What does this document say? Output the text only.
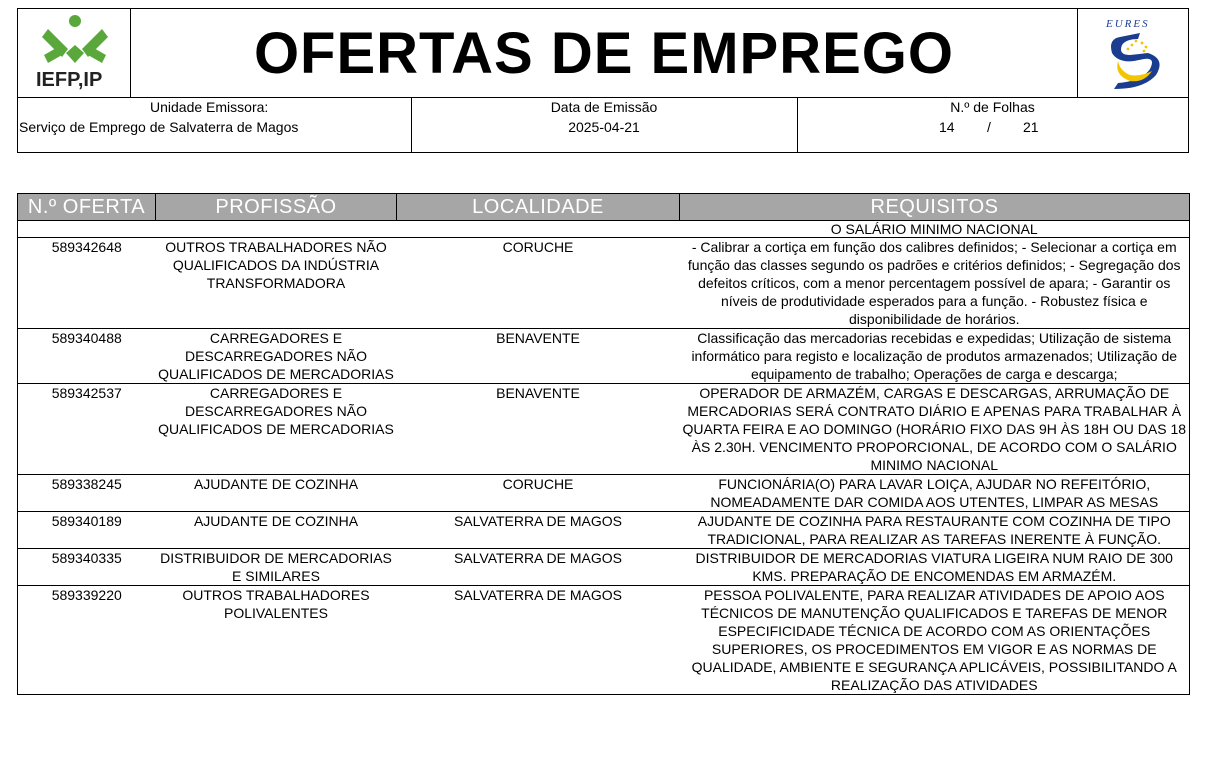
IEFP,IP	OFERTAS DE EMPREGO	EURES
Unidade Emissora:
Serviço de Emprego de Salvaterra de Magos
Data de Emissão
2025-04-21
N.º de Folhas
14 / 21
N.º OFERTA	PROFISSÃO	LOCALIDADE	REQUISITOS
			O SALÁRIO MINIMO NACIONAL
589342648	OUTROS TRABALHADORES NÃO QUALIFICADOS DA INDÚSTRIA TRANSFORMADORA	CORUCHE	- Calibrar a cortiça em função dos calibres definidos; - Selecionar a cortiça em função das classes segundo os padrões e critérios definidos; - Segregação dos defeitos críticos, com a menor percentagem possível de apara; - Garantir os níveis de produtividade esperados para a função. - Robustez física e disponibilidade de horários.
589340488	CARREGADORES E DESCARREGADORES NÃO QUALIFICADOS DE MERCADORIAS	BENAVENTE	Classificação das mercadorias recebidas e expedidas; Utilização de sistema informático para registo e localização de produtos armazenados; Utilização de equipamento de trabalho; Operações de carga e descarga;
589342537	CARREGADORES E DESCARREGADORES NÃO QUALIFICADOS DE MERCADORIAS	BENAVENTE	OPERADOR DE ARMAZÉM, CARGAS E DESCARGAS, ARRUMAÇÃO DE MERCADORIAS SERÁ CONTRATO DIÁRIO E APENAS PARA TRABALHAR À QUARTA FEIRA E AO DOMINGO (HORÁRIO FIXO DAS 9H ÀS 18H OU DAS 18 ÀS 2.30H. VENCIMENTO PROPORCIONAL, DE ACORDO COM O SALÁRIO MINIMO NACIONAL
589338245	AJUDANTE DE COZINHA	CORUCHE	FUNCIONÁRIA(O) PARA LAVAR LOIÇA, AJUDAR NO REFEITÓRIO, NOMEADAMENTE DAR COMIDA AOS UTENTES, LIMPAR AS MESAS
589340189	AJUDANTE DE COZINHA	SALVATERRA DE MAGOS	AJUDANTE DE COZINHA PARA RESTAURANTE COM COZINHA DE TIPO TRADICIONAL, PARA REALIZAR AS TAREFAS INERENTE À FUNÇÃO.
589340335	DISTRIBUIDOR DE MERCADORIAS E SIMILARES	SALVATERRA DE MAGOS	DISTRIBUIDOR DE MERCADORIAS VIATURA LIGEIRA NUM RAIO DE 300 KMS. PREPARAÇÃO DE ENCOMENDAS EM ARMAZÉM.
589339220	OUTROS TRABALHADORES POLIVALENTES	SALVATERRA DE MAGOS	PESSOA POLIVALENTE, PARA REALIZAR ATIVIDADES DE APOIO AOS TÉCNICOS DE MANUTENÇÃO QUALIFICADOS E TAREFAS DE MENOR ESPECIFICIDADE TÉCNICA DE ACORDO COM AS ORIENTAÇÕES SUPERIORES, OS PROCEDIMENTOS EM VIGOR E AS NORMAS DE QUALIDADE, AMBIENTE E SEGURANÇA APLICÁVEIS, POSSIBILITANDO A REALIZAÇÃO DAS ATIVIDADES
